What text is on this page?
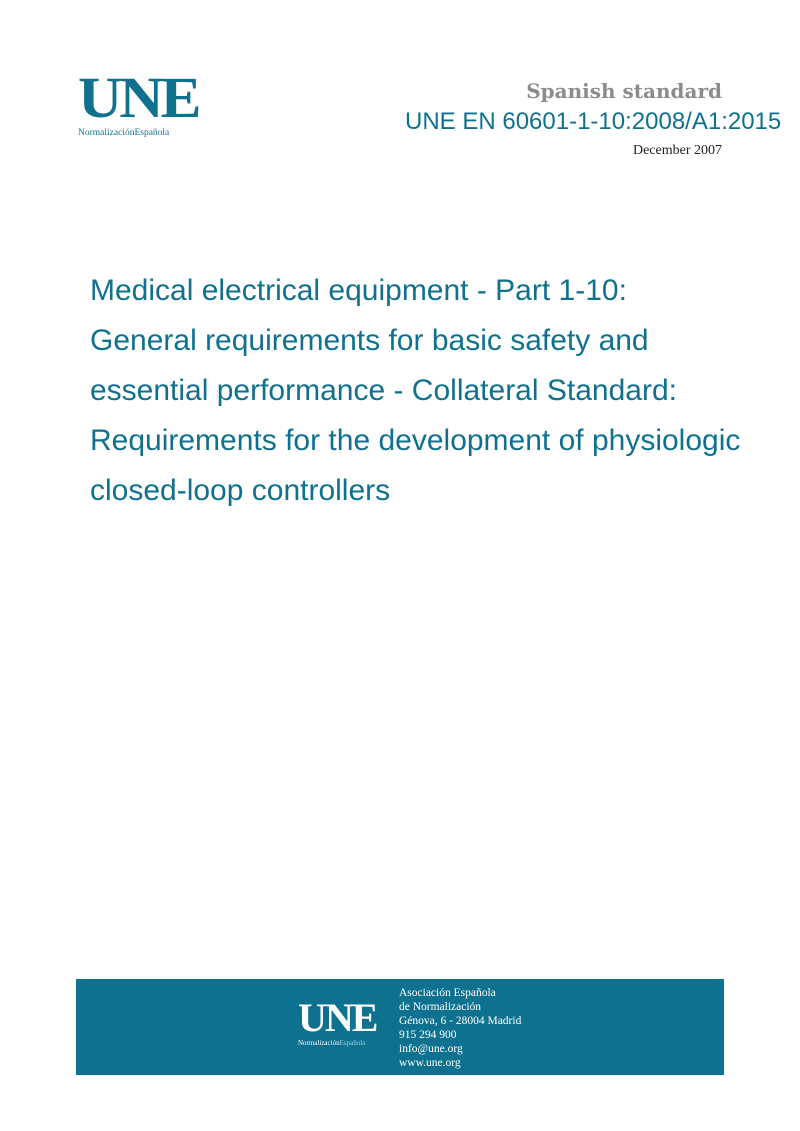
UNE
NormalizaciónEspañola
Spanish standard
UNE EN 60601-1-10:2008/A1:2015
December 2007
Medical electrical equipment - Part 1-10:
General requirements for basic safety and
essential performance - Collateral Standard:
Requirements for the development of physiologic
closed-loop controllers
UNE
NormalizaciónEspañola
Asociación Española
de Normalización
Génova, 6 - 28004 Madrid
915 294 900
info@une.org
www.une.org
